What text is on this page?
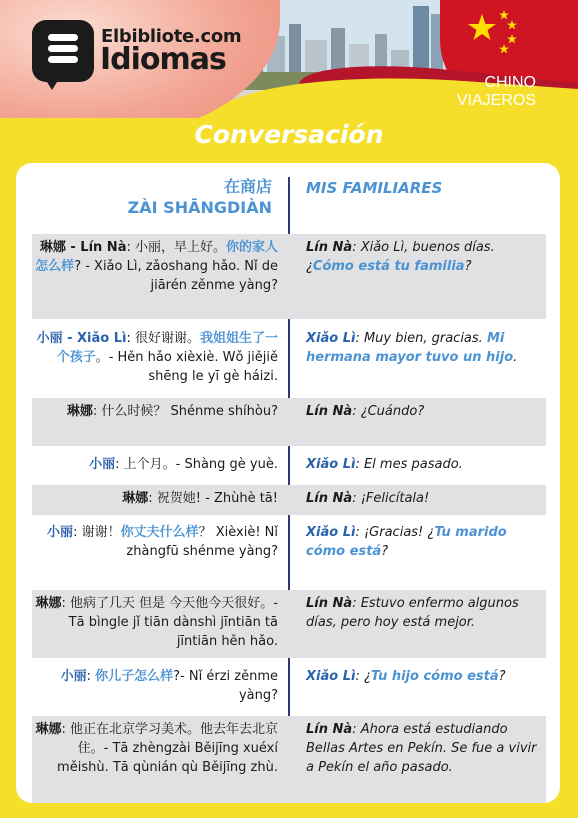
Elbibliote.com
Idiomas
CHINO
VIAJEROS
Conversación
在商店
ZÀI SHĀNGDIÀN
MIS FAMILIARES
琳娜 - Lín Nà: 小丽，早上好。你的家人怎么样? - Xiǎo Lì, zǎoshang hǎo. Nǐ de jiārén zěnme yàng?
Lín Nà: Xiǎo Lì, buenos días. ¿Cómo está tu familia?
小丽 - Xiǎo Lì: 很好谢谢。我姐姐生了一个孩子。- Hěn hǎo xièxiè. Wǒ jiějiě shēng le yī gè háizi.
Xiǎo Lì: Muy bien, gracias. Mi hermana mayor tuvo un hijo.
琳娜: 什么时候？ Shénme shíhòu? Lín Nà: ¿Cuándo?
小丽: 上个月。- Shàng gè yuè. Xiǎo Lì: El mes pasado.
琳娜: 祝贺她! - Zhùhè tā! Lín Nà: ¡Felicítala!
小丽: 谢谢！你丈夫什么样？ Xièxiè! Nǐ zhàngfū shénme yàng?
Xiǎo Lì: ¡Gracias! ¿Tu marido cómo está?
琳娜: 他病了几天 但是 今天他今天很好。- Tā bìngle jǐ tiān dànshì jīntiān tā jīntiān hěn hǎo.
Lín Nà: Estuvo enfermo algunos días, pero hoy está mejor.
小丽: 你儿子怎么样?- Nǐ érzi zěnme yàng?
Xiǎo Lì: ¿Tu hijo cómo está?
琳娜: 他正在北京学习美术。他去年去北京住。- Tā zhèngzài Běijīng xuéxí měishù. Tā qùnián qù Běijīng zhù.
Lín Nà: Ahora está estudiando Bellas Artes en Pekín. Se fue a vivir a Pekín el año pasado.
